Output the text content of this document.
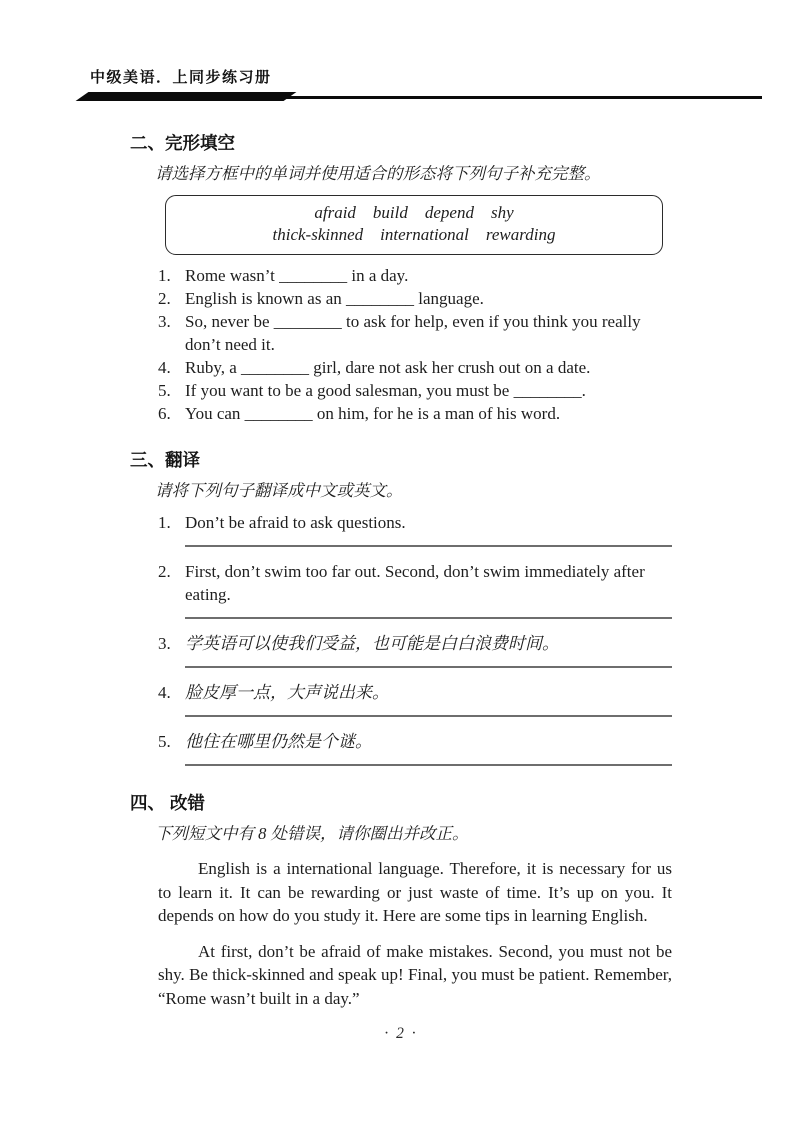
中级美语．上同步练习册
二、完形填空

请选择方框中的单词并使用适合的形态将下列句子补充完整。

afraid    build    depend    shy
thick-skinned    international    rewarding
1. Rome wasn’t ________ in a day.
2. English is known as an ________ language.
3. So, never be ________ to ask for help, even if you think you really don’t need it.
4. Ruby, a ________ girl, dare not ask her crush out on a date.
5. If you want to be a good salesman, you must be ________.
6. You can ________ on him, for he is a man of his word.
三、翻译

请将下列句子翻译成中文或英文。

1. Don’t be afraid to ask questions.
2. First, don’t swim too far out. Second, don’t swim immediately after eating.
3. 学英语可以使我们受益，也可能是白白浪费时间。
4. 脸皮厚一点，大声说出来。
5. 他住在哪里仍然是个谜。
四、 改错

下列短文中有 8 处错误，请你圈出并改正。

English is a international language. Therefore, it is necessary for us to learn it. It can be rewarding or just waste of time. It’s up on you. It depends on how do you study it. Here are some tips in learning English.

At first, don’t be afraid of make mistakes. Second, you must not be shy. Be thick-skinned and speak up! Final, you must be patient. Remember, “Rome wasn’t built in a day.”

· 2 ·
